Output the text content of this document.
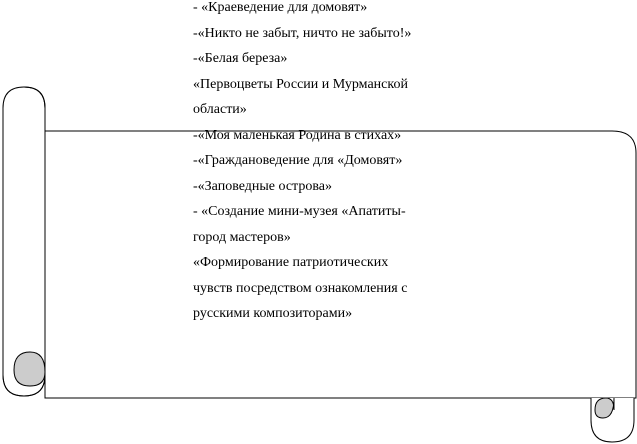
- «Краеведение для домовят»
-«Никто не забыт, ничто не забыто!»
-«Белая береза»
«Первоцветы России и Мурманской
области»
-«Моя маленькая Родина в стихах»
-«Граждановедение для «Домовят»
-«Заповедные острова»
- «Создание мини-музея «Апатиты-
город мастеров»
«Формирование патриотических
чувств посредством ознакомления с
русскими композиторами»
